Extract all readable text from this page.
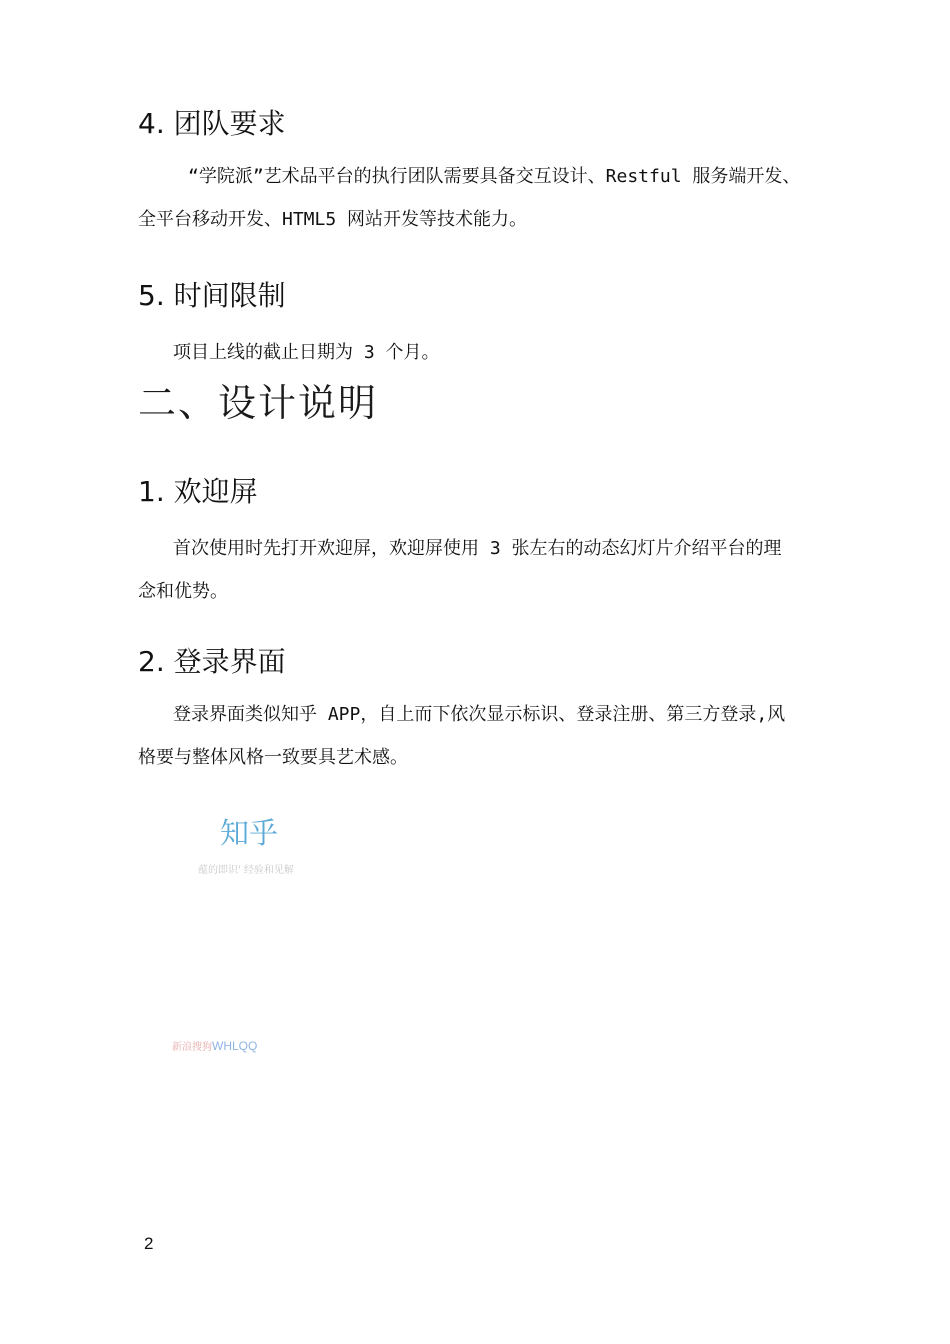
4. 团队要求
“学院派”艺术品平台的执行团队需要具备交互设计、Restful 服务端开发、
全平台移动开发、HTML5 网站开发等技术能力。
5. 时间限制
项目上线的截止日期为 3 个月。
二、设计说明
1. 欢迎屏
首次使用时先打开欢迎屏，欢迎屏使用 3 张左右的动态幻灯片介绍平台的理
念和优势。
2. 登录界面
登录界面类似知乎 APP，自上而下依次显示标识、登录注册、第三方登录,风
格要与整体风格一致要具艺术感。
知乎
蕴的即识' 经验和见解
新浪搜狗WHLQQ
2
